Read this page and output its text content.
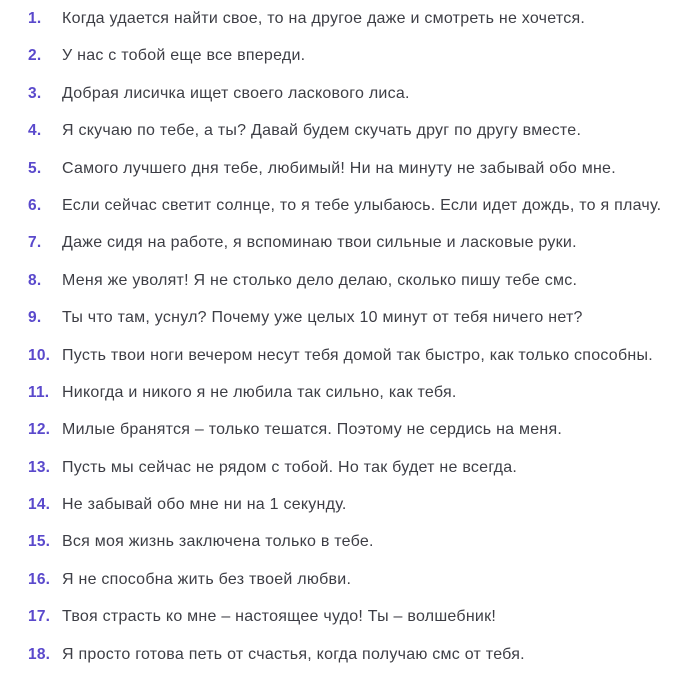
1.	Когда удается найти свое, то на другое даже и смотреть не хочется.
2.	У нас с тобой еще все впереди.
3.	Добрая лисичка ищет своего ласкового лиса.
4.	Я скучаю по тебе, а ты? Давай будем скучать друг по другу вместе.
5.	Самого лучшего дня тебе, любимый! Ни на минуту не забывай обо мне.
6.	Если сейчас светит солнце, то я тебе улыбаюсь. Если идет дождь, то я плачу.
7.	Даже сидя на работе, я вспоминаю твои сильные и ласковые руки.
8.	Меня же уволят! Я не столько дело делаю, сколько пишу тебе смс.
9.	Ты что там, уснул? Почему уже целых 10 минут от тебя ничего нет?
10. Пусть твои ноги вечером несут тебя домой так быстро, как только способны.
11. Никогда и никого я не любила так сильно, как тебя.
12. Милые бранятся – только тешатся. Поэтому не сердись на меня.
13. Пусть мы сейчас не рядом с тобой. Но так будет не всегда.
14. Не забывай обо мне ни на 1 секунду.
15. Вся моя жизнь заключена только в тебе.
16. Я не способна жить без твоей любви.
17. Твоя страсть ко мне – настоящее чудо! Ты – волшебник!
18. Я просто готова петь от счастья, когда получаю смс от тебя.
